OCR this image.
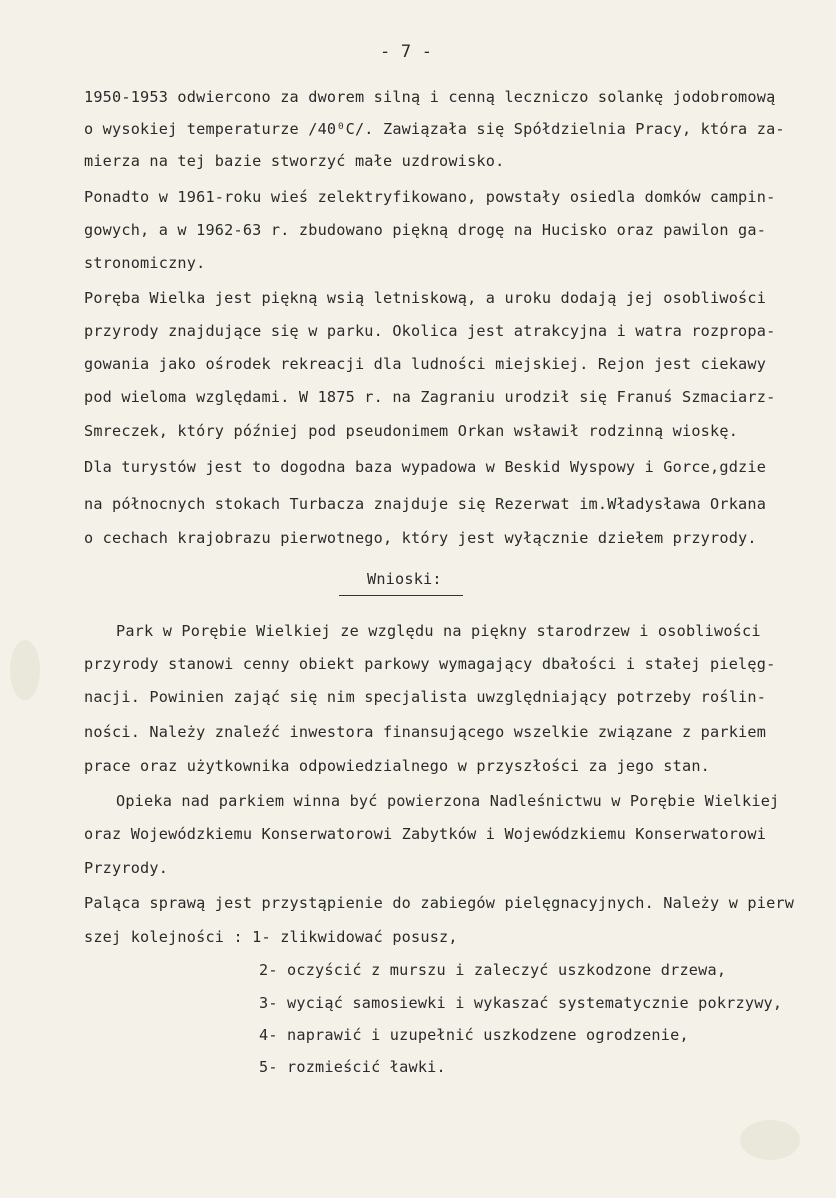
- 7 -
1950-1953 odwiercono za dworem silną i cenną leczniczo solankę jodobromową
o wysokiej temperaturze /40⁰C/. Zawiązała się Spółdzielnia Pracy, która za-
mierza na tej bazie stworzyć małe uzdrowisko.
Ponadto w 1961-roku wieś zelektryfikowano, powstały osiedla domków campin-
gowych, a w 1962-63 r. zbudowano piękną drogę na Hucisko oraz pawilon ga-
stronomiczny.
Poręba Wielka jest piękną wsią letniskową, a uroku dodają jej osobliwości
przyrody znajdujące się w parku. Okolica jest atrakcyjna i watra rozpropa-
gowania jako ośrodek rekreacji dla ludności miejskiej. Rejon jest ciekawy
pod wieloma względami. W 1875 r. na Zagraniu urodził się Franuś Szmaciarz-
Smreczek, który później pod pseudonimem Orkan wsławił rodzinną wioskę.
Dla turystów jest to dogodna baza wypadowa w Beskid Wyspowy i Gorce,gdzie
na północnych stokach Turbacza znajduje się Rezerwat im.Władysława Orkana
o cechach krajobrazu pierwotnego, który jest wyłącznie dziełem przyrody.
Wnioski:
Park w Porębie Wielkiej ze względu na piękny starodrzew i osobliwości
przyrody stanowi cenny obiekt parkowy wymagający dbałości i stałej pielęg-
nacji. Powinien zająć się nim specjalista uwzględniający potrzeby roślin-
ności. Należy znaleźć inwestora finansującego wszelkie związane z parkiem
prace oraz użytkownika odpowiedzialnego w przyszłości za jego stan.
Opieka nad parkiem winna być powierzona Nadleśnictwu w Porębie Wielkiej
oraz Wojewódzkiemu Konserwatorowi Zabytków i Wojewódzkiemu Konserwatorowi
Przyrody.
Paląca sprawą jest przystąpienie do zabiegów pielęgnacyjnych. Należy w pierw
szej kolejności : 1- zlikwidować posusz,
2- oczyścić z murszu i zaleczyć uszkodzone drzewa,
3- wyciąć samosiewki i wykaszać systematycznie pokrzywy,
4- naprawić i uzupełnić uszkodzene ogrodzenie,
5- rozmieścić ławki.
